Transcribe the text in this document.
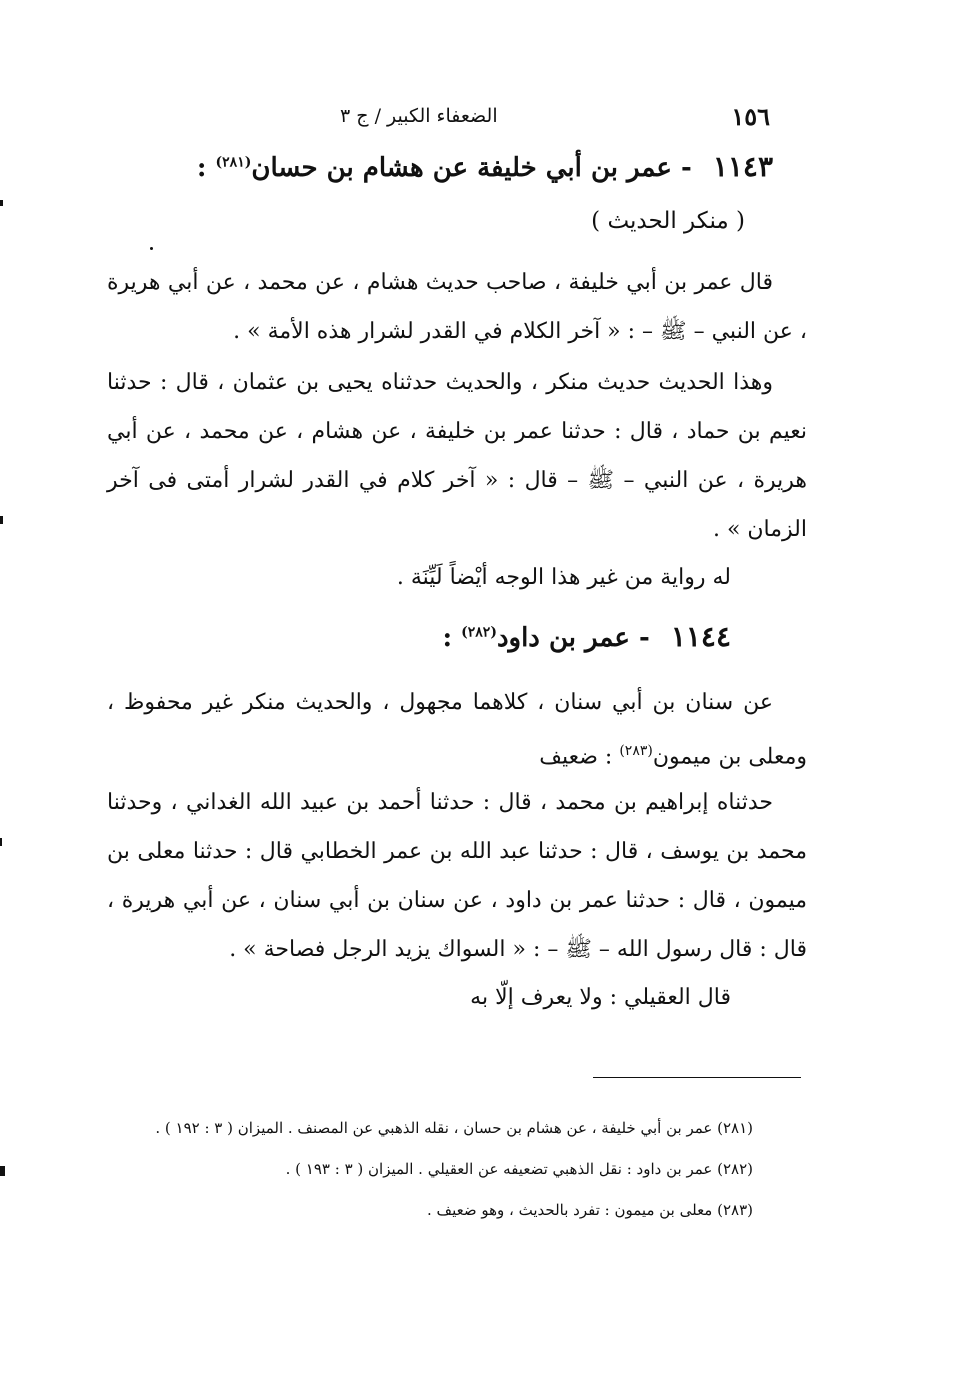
١٥٦
الضعفاء الكبير / ج ٣
١١٤٣ - عمر بن أبي خليفة عن هشام بن حسان$^{(٢٨١)}$ :
( منكر الحديث )

قال عمر بن أبي خليفة ، صاحب حديث هشام ، عن محمد ، عن أبي هريرة ، عن النبي – ﷺ – : « آخر الكلام في القدر لشرار هذه الأمة » .

وهذا الحديث حديث منكر ، والحديث حدثناه يحيى بن عثمان ، قال : حدثنا نعيم بن حماد ، قال : حدثنا عمر بن خليفة ، عن هشام ، عن محمد ، عن أبي هريرة ، عن النبي – ﷺ – قال : « آخر كلام في القدر لشرار أمتى فى آخر الزمان » .

له رواية من غير هذا الوجه أيْضاً لَيِّنَة .

١١٤٤ - عمر بن داود$^{(٢٨٢)}$ :

عن سنان بن أبي سنان ، كلاهما مجهول ، والحديث منكر غير محفوظ ، ومعلى بن ميمون$^{(٢٨٣)}$ : ضعيف

حدثناه إبراهيم بن محمد ، قال : حدثنا أحمد بن عبيد الله الغداني ، وحدثنا محمد بن يوسف ، قال : حدثنا عبد الله بن عمر الخطابي قال : حدثنا معلى بن ميمون ، قال : حدثنا عمر بن داود ، عن سنان بن أبي سنان ، عن أبي هريرة ، قال : قال رسول الله – ﷺ – : « السواك يزيد الرجل فصاحة » .

قال العقيلي : ولا يعرف إلّا به

(٢٨١) عمر بن أبي خليفة ، عن هشام بن حسان ، نقله الذهبي عن المصنف . الميزان ( ٣ : ١٩٢ ) .

(٢٨٢) عمر بن داود : نقل الذهبي تضعيفه عن العقيلي . الميزان ( ٣ : ١٩٣ ) .

(٢٨٣) معلى بن ميمون : تفرد بالحديث ، وهو ضعيف .
